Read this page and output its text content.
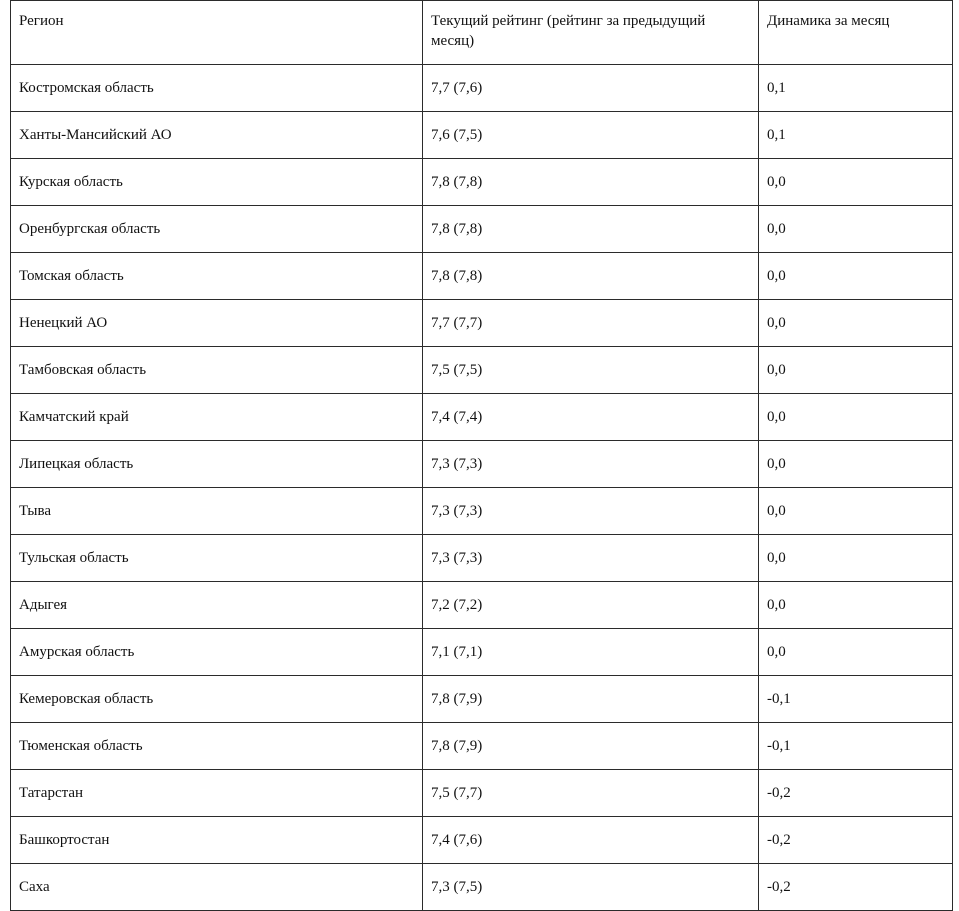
Регион	Текущий рейтинг (рейтинг за предыдущий месяц)	Динамика за месяц
Костромская область	7,7 (7,6)	0,1
Ханты-Мансийский АО	7,6 (7,5)	0,1
Курская область	7,8 (7,8)	0,0
Оренбургская область	7,8 (7,8)	0,0
Томская область	7,8 (7,8)	0,0
Ненецкий АО	7,7 (7,7)	0,0
Тамбовская область	7,5 (7,5)	0,0
Камчатский край	7,4 (7,4)	0,0
Липецкая область	7,3 (7,3)	0,0
Тыва	7,3 (7,3)	0,0
Тульская область	7,3 (7,3)	0,0
Адыгея	7,2 (7,2)	0,0
Амурская область	7,1 (7,1)	0,0
Кемеровская область	7,8 (7,9)	-0,1
Тюменская область	7,8 (7,9)	-0,1
Татарстан	7,5 (7,7)	-0,2
Башкортостан	7,4 (7,6)	-0,2
Саха	7,3 (7,5)	-0,2
